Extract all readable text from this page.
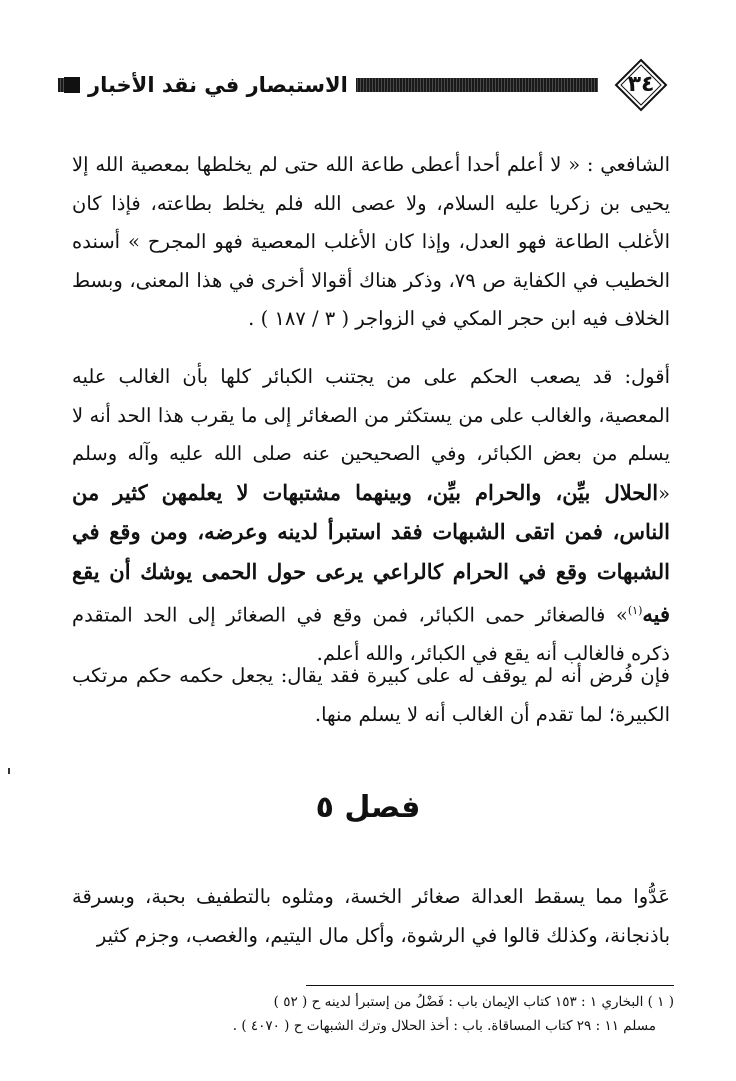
الاستبصار في نقد الأخبار	٣٤
الشافعي : « لا أعلم أحدا أعطى طاعة الله حتى لم يخلطها بمعصية الله إلا يحيى بن زكريا عليه السلام، ولا عصى الله فلم يخلط بطاعته، فإذا كان الأغلب الطاعة فهو العدل، وإذا كان الأغلب المعصية فهو المجرح » أسنده الخطيب في الكفاية ص ٧٩، وذكر هناك أقوالا أخرى في هذا المعنى، وبسط الخلاف فيه ابن حجر المكي في الزواجر ( ٣ / ١٨٧ ) .
أقول: قد يصعب الحكم على من يجتنب الكبائر كلها بأن الغالب عليه المعصية، والغالب على من يستكثر من الصغائر إلى ما يقرب هذا الحد أنه لا يسلم من بعض الكبائر، وفي الصحيحين عنه صلى الله عليه وآله وسلم «الحلال بيِّن، والحرام بيِّن، وبينهما مشتبهات لا يعلمهن كثير من الناس، فمن اتقى الشبهات فقد استبرأ لدينه وعرضه، ومن وقع في الشبهات وقع في الحرام كالراعي يرعى حول الحمى يوشك أن يقع فيه$^{(١)}$» فالصغائر حمى الكبائر، فمن وقع في الصغائر إلى الحد المتقدم ذكره فالغالب أنه يقع في الكبائر، والله أعلم.
فإن فُرض أنه لم يوقف له على كبيرة فقد يقال: يجعل حكمه حكم مرتكب الكبيرة؛ لما تقدم أن الغالب أنه لا يسلم منها.
فصل ٥
عَدُّوا مما يسقط العدالة صغائر الخسة، ومثلوه بالتطفيف بحبة، وبسرقة باذنجانة، وكذلك قالوا في الرشوة، وأكل مال اليتيم، والغصب، وجزم كثير
( ١ ) البخاري ١ : ١٥٣ كتاب الإيمان باب : فَضْلُ من إستبرأ لدينه ح ( ٥٢ )
مسلم ١١ : ٢٩ كتاب المساقاة. باب : أخذ الحلال وترك الشبهات ح ( ٤٠٧٠ ) .
